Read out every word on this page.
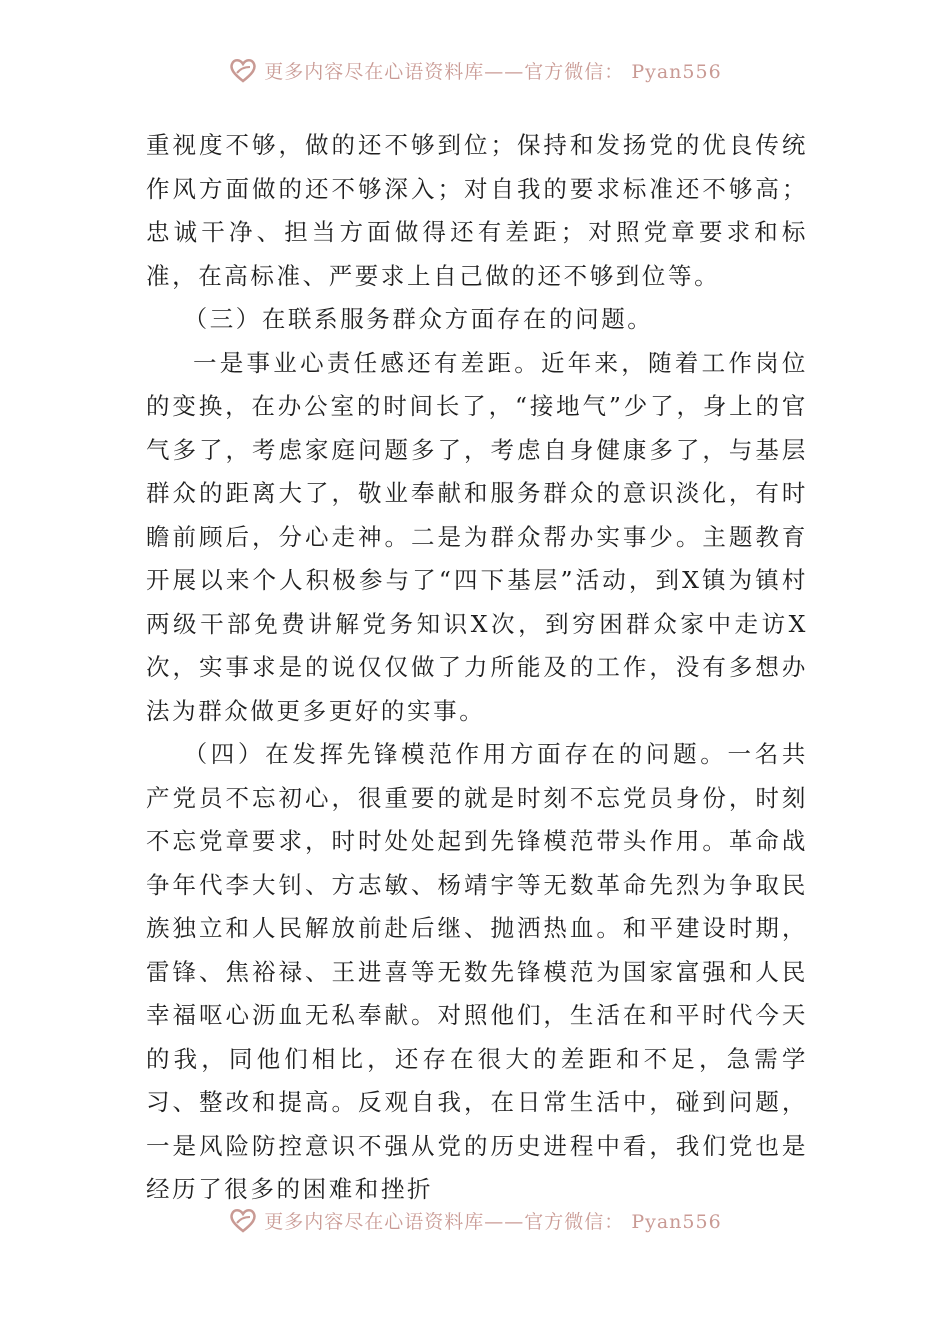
更多内容尽在心语资料库——官方微信： Pyan556

重视度不够，做的还不够到位；保持和发扬党的优良传统作风方面做的还不够深入；对自我的要求标准还不够高；忠诚干净、担当方面做得还有差距；对照党章要求和标准，在高标准、严要求上自己做的还不够到位等。

（三）在联系服务群众方面存在的问题。

一是事业心责任感还有差距。近年来，随着工作岗位的变换，在办公室的时间长了，“接地气”少了，身上的官气多了，考虑家庭问题多了，考虑自身健康多了，与基层群众的距离大了，敬业奉献和服务群众的意识淡化，有时瞻前顾后，分心走神。二是为群众帮办实事少。主题教育开展以来个人积极参与了“四下基层”活动，到X镇为镇村两级干部免费讲解党务知识X次，到穷困群众家中走访X次，实事求是的说仅仅做了力所能及的工作，没有多想办法为群众做更多更好的实事。

（四）在发挥先锋模范作用方面存在的问题。一名共产党员不忘初心，很重要的就是时刻不忘党员身份，时刻不忘党章要求，时时处处起到先锋模范带头作用。革命战争年代李大钊、方志敏、杨靖宇等无数革命先烈为争取民族独立和人民解放前赴后继、抛洒热血。和平建设时期，雷锋、焦裕禄、王进喜等无数先锋模范为国家富强和人民幸福呕心沥血无私奉献。对照他们，生活在和平时代今天的我，同他们相比，还存在很大的差距和不足，急需学习、整改和提高。反观自我，在日常生活中，碰到问题，一是风险防控意识不强从党的历史进程中看，我们党也是经历了很多的困难和挫折

更多内容尽在心语资料库——官方微信： Pyan556
